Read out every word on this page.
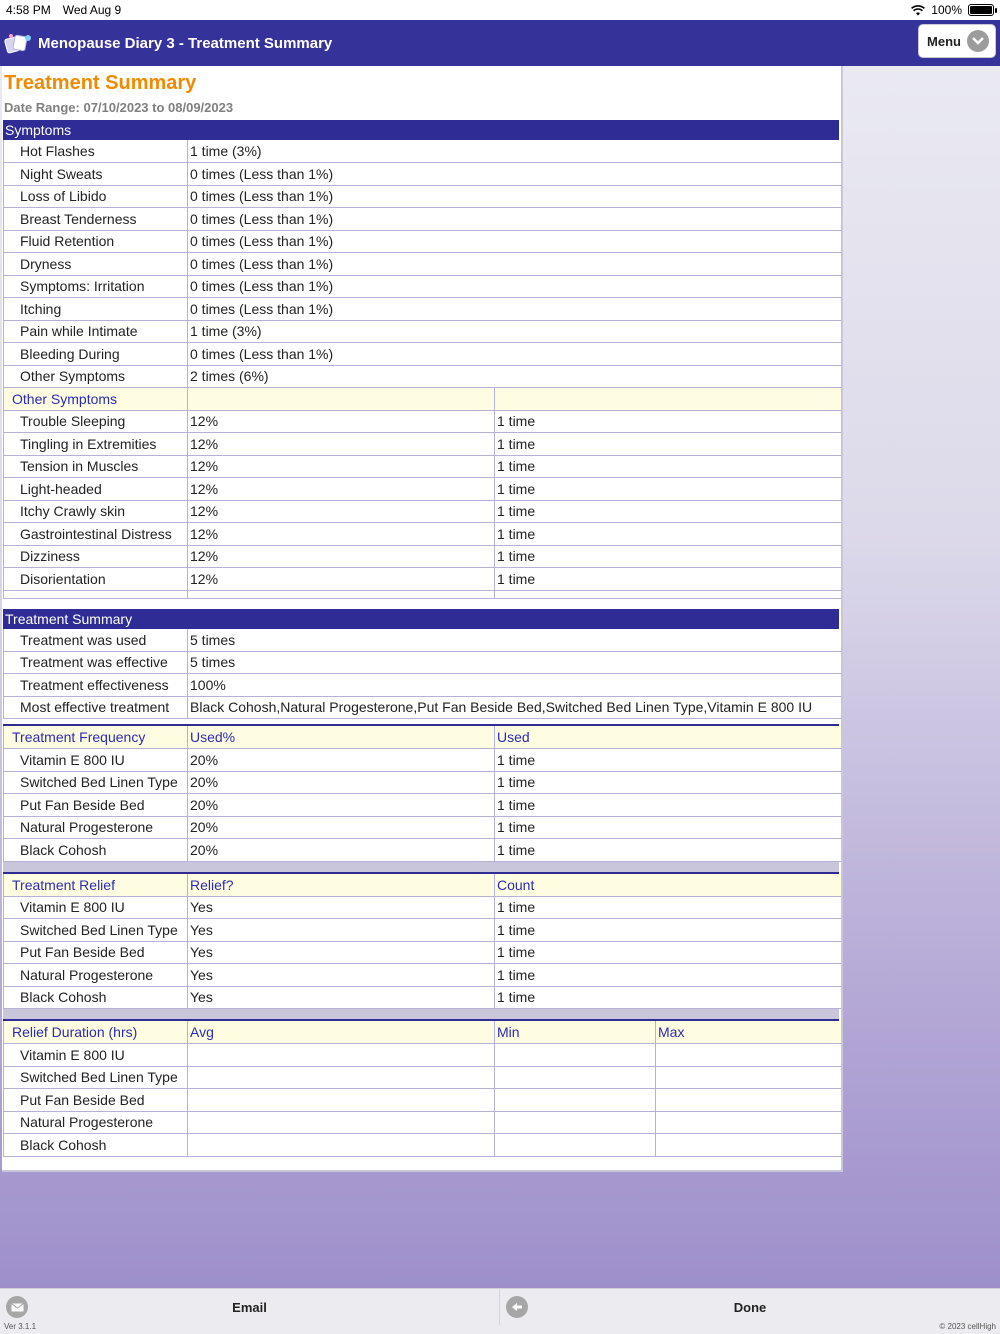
4:58 PM Wed Aug 9	100%
Menopause Diary 3 - Treatment Summary	Menu
Treatment Summary
Date Range: 07/10/2023 to 08/09/2023
Symptoms
Hot Flashes	1 time (3%)	
Night Sweats	0 times (Less than 1%)	
Loss of Libido	0 times (Less than 1%)	
Breast Tenderness	0 times (Less than 1%)	
Fluid Retention	0 times (Less than 1%)	
Dryness	0 times (Less than 1%)	
Symptoms: Irritation	0 times (Less than 1%)	
Itching	0 times (Less than 1%)	
Pain while Intimate	1 time (3%)	
Bleeding During	0 times (Less than 1%)	
Other Symptoms	2 times (6%)	
Other Symptoms		
Trouble Sleeping	12%	1 time
Tingling in Extremities	12%	1 time
Tension in Muscles	12%	1 time
Light-headed	12%	1 time
Itchy Crawly skin	12%	1 time
Gastrointestinal Distress	12%	1 time
Dizziness	12%	1 time
Disorientation	12%	1 time

Treatment Summary
Treatment was used	5 times
Treatment was effective	5 times
Treatment effectiveness	100%
Most effective treatment	Black Cohosh,Natural Progesterone,Put Fan Beside Bed,Switched Bed Linen Type,Vitamin E 800 IU
Treatment Frequency	Used%	Used
Vitamin E 800 IU	20%	1 time
Switched Bed Linen Type	20%	1 time
Put Fan Beside Bed	20%	1 time
Natural Progesterone	20%	1 time
Black Cohosh	20%	1 time
Treatment Relief	Relief?	Count
Vitamin E 800 IU	Yes	1 time
Switched Bed Linen Type	Yes	1 time
Put Fan Beside Bed	Yes	1 time
Natural Progesterone	Yes	1 time
Black Cohosh	Yes	1 time
Relief Duration (hrs)	Avg	Min	Max
Vitamin E 800 IU			
Switched Bed Linen Type			
Put Fan Beside Bed			
Natural Progesterone			
Black Cohosh			
Email	Done
Ver 3.1.1	© 2023 cellHigh
